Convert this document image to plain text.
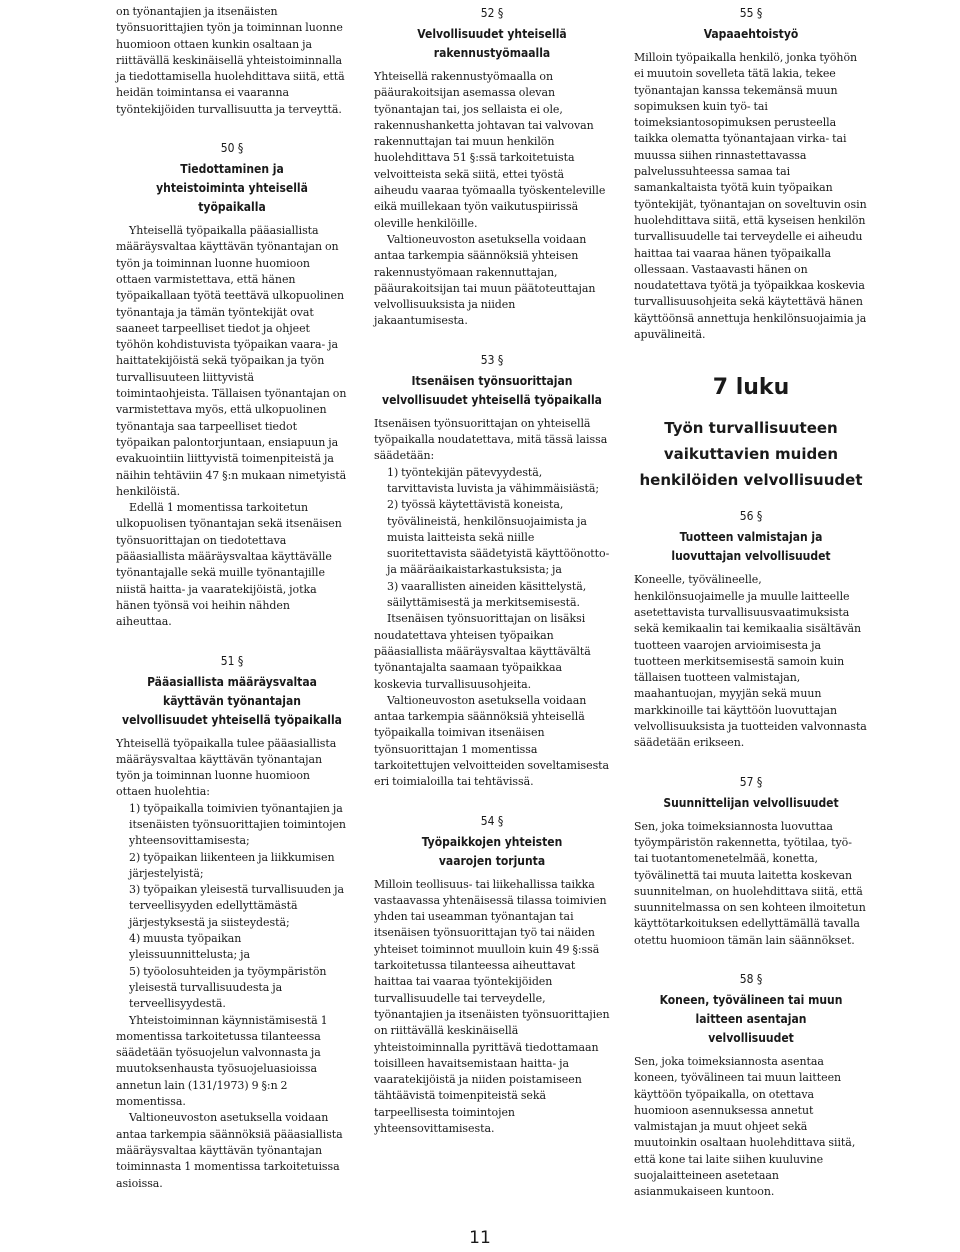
on työnantajien ja itsenäisten työnsuorittajien työn ja toiminnan luonne huomioon ottaen kunkin osaltaan ja riittävällä keskinäisellä yhteistoiminnalla ja tiedottamisella huolehdittava siitä, että heidän toimintansa ei vaaranna työntekijöiden turvallisuutta ja terveyttä.

50 §
Tiedottaminen ja yhteistoiminta yhteisellä työpaikalla

Yhteisellä työpaikalla pääasiallista määräysvaltaa käyttävän työnantajan on työn ja toiminnan luonne huomioon ottaen varmistettava, että hänen työpaikallaan työtä teettävä ulkopuolinen työnantaja ja tämän työntekijät ovat saaneet tarpeelliset tiedot ja ohjeet työhön kohdistuvista työpaikan vaara- ja haittatekijöistä sekä työpaikan ja työn turvallisuuteen liittyvistä toimintaohjeista. Tällaisen työnantajan on varmistettava myös, että ulkopuolinen työnantaja saa tarpeelliset tiedot työpaikan palontorjuntaan, ensiapuun ja evakuointiin liittyvistä toimenpiteistä ja näihin tehtäviin 47 §:n mukaan nimetyistä henkilöistä.

Edellä 1 momentissa tarkoitetun ulkopuolisen työnantajan sekä itsenäisen työnsuorittajan on tiedotettava pääasiallista määräysvaltaa käyttävälle työnantajalle sekä muille työnantajille niistä haitta- ja vaaratekijöistä, jotka hänen työnsä voi heihin nähden aiheuttaa.

51 §
Pääasiallista määräysvaltaa käyttävän työnantajan velvollisuudet yhteisellä työpaikalla

Yhteisellä työpaikalla tulee pääasiallista määräysvaltaa käyttävän työnantajan työn ja toiminnan luonne huomioon ottaen huolehtia:

1) työpaikalla toimivien työnantajien ja itsenäisten työnsuorittajien toimintojen yhteensovittamisesta;

2) työpaikan liikenteen ja liikkumisen järjestelyistä;

3) työpaikan yleisestä turvallisuuden ja terveellisyyden edellyttämästä järjestyksestä ja siisteydestä;

4) muusta työpaikan yleissuunnittelusta; ja

5) työolosuhteiden ja työympäristön yleisestä turvallisuudesta ja terveellisyydestä.

Yhteistoiminnan käynnistämisestä 1 momentissa tarkoitetussa tilanteessa säädetään työsuojelun valvonnasta ja muutoksenhausta työsuojeluasioissa annetun lain (131/1973) 9 §:n 2 momentissa.

Valtioneuvoston asetuksella voidaan antaa tarkempia säännöksiä pääasiallista määräysvaltaa käyttävän työnantajan toiminnasta 1 momentissa tarkoitetuissa asioissa.

52 §
Velvollisuudet yhteisellä rakennustyömaalla

Yhteisellä rakennustyömaalla on pääurakoitsijan asemassa olevan työnantajan tai, jos sellaista ei ole, rakennushanketta johtavan tai valvovan rakennuttajan tai muun henkilön huolehdittava 51 §:ssä tarkoitetuista velvoitteista sekä siitä, ettei työstä aiheudu vaaraa työmaalla työskenteleville eikä muillekaan työn vaikutuspiirissä oleville henkilöille.

Valtioneuvoston asetuksella voidaan antaa tarkempia säännöksiä yhteisen rakennustyömaan rakennuttajan, pääurakoitsijan tai muun päätoteuttajan velvollisuuksista ja niiden jakaantumisesta.

53 §
Itsenäisen työnsuorittajan velvollisuudet yhteisellä työpaikalla

Itsenäisen työnsuorittajan on yhteisellä työpaikalla noudatettava, mitä tässä laissa säädetään:

1) työntekijän pätevyydestä, tarvittavista luvista ja vähimmäisiästä;

2) työssä käytettävistä koneista, työvälineistä, henkilönsuojaimista ja muista laitteista sekä niille suoritettavista säädetyistä käyttöönotto- ja määräaikaistarkastuksista; ja

3) vaarallisten aineiden käsittelystä, säilyttämisestä ja merkitsemisestä.

Itsenäisen työnsuorittajan on lisäksi noudatettava yhteisen työpaikan pääasiallista määräysvaltaa käyttävältä työnantajalta saamaan työpaikkaa koskevia turvallisuusohjeita.

Valtioneuvoston asetuksella voidaan antaa tarkempia säännöksiä yhteisellä työpaikalla toimivan itsenäisen työnsuorittajan 1 momentissa tarkoitettujen velvoitteiden soveltamisesta eri toimialoilla tai tehtävissä.

54 §
Työpaikkojen yhteisten vaarojen torjunta

Milloin teollisuus- tai liikehallissa taikka vastaavassa yhtenäisessä tilassa toimivien yhden tai useamman työnantajan tai itsenäisen työnsuorittajan työ tai näiden yhteiset toiminnot muulloin kuin 49 §:ssä tarkoitetussa tilanteessa aiheuttavat haittaa tai vaaraa työntekijöiden turvallisuudelle tai terveydelle, työnantajien ja itsenäisten työnsuorittajien on riittävällä keskinäisellä yhteistoiminnalla pyrittävä tiedottamaan toisilleen havaitsemistaan haitta- ja vaaratekijöistä ja niiden poistamiseen tähtäävistä toimenpiteistä sekä tarpeellisesta toimintojen yhteensovittamisesta.

55 §
Vapaaehtoistyö

Milloin työpaikalla henkilö, jonka työhön ei muutoin sovelleta tätä lakia, tekee työnantajan kanssa tekemänsä muun sopimuksen kuin työ- tai toimeksiantosopimuksen perusteella taikka olematta työnantajaan virka- tai muussa siihen rinnastettavassa palvelussuhteessa samaa tai samankaltaista työtä kuin työpaikan työntekijät, työnantajan on soveltuvin osin huolehdittava siitä, että kyseisen henkilön turvallisuudelle tai terveydelle ei aiheudu haittaa tai vaaraa hänen työpaikalla ollessaan. Vastaavasti hänen on noudatettava työtä ja työpaikkaa koskevia turvallisuusohjeita sekä käytettävä hänen käyttöönsä annettuja henkilönsuojaimia ja apuvälineitä.

7 luku
Työn turvallisuuteen vaikuttavien muiden henkilöiden velvollisuudet
56 §
Tuotteen valmistajan ja luovuttajan velvollisuudet

Koneelle, työvälineelle, henkilönsuojaimelle ja muulle laitteelle asetettavista turvallisuusvaatimuksista sekä kemikaalin tai kemikaalia sisältävän tuotteen vaarojen arvioimisesta ja tuotteen merkitsemisestä samoin kuin tällaisen tuotteen valmistajan, maahantuojan, myyjän sekä muun markkinoille tai käyttöön luovuttajan velvollisuuksista ja tuotteiden valvonnasta säädetään erikseen.

57 §
Suunnittelijan velvollisuudet

Sen, joka toimeksiannosta luovuttaa työympäristön rakennetta, työtilaa, työ- tai tuotantomenetelmää, konetta, työvälinettä tai muuta laitetta koskevan suunnitelman, on huolehdittava siitä, että suunnitelmassa on sen kohteen ilmoitetun käyttötarkoituksen edellyttämällä tavalla otettu huomioon tämän lain säännökset.

58 §
Koneen, työvälineen tai muun laitteen asentajan velvollisuudet

Sen, joka toimeksiannosta asentaa koneen, työvälineen tai muun laitteen käyttöön työpaikalla, on otettava huomioon asennuksessa annetut valmistajan ja muut ohjeet sekä muutoinkin osaltaan huolehdittava siitä, että kone tai laite siihen kuuluvine suojalaitteineen asetetaan asianmukaiseen kuntoon.

11
